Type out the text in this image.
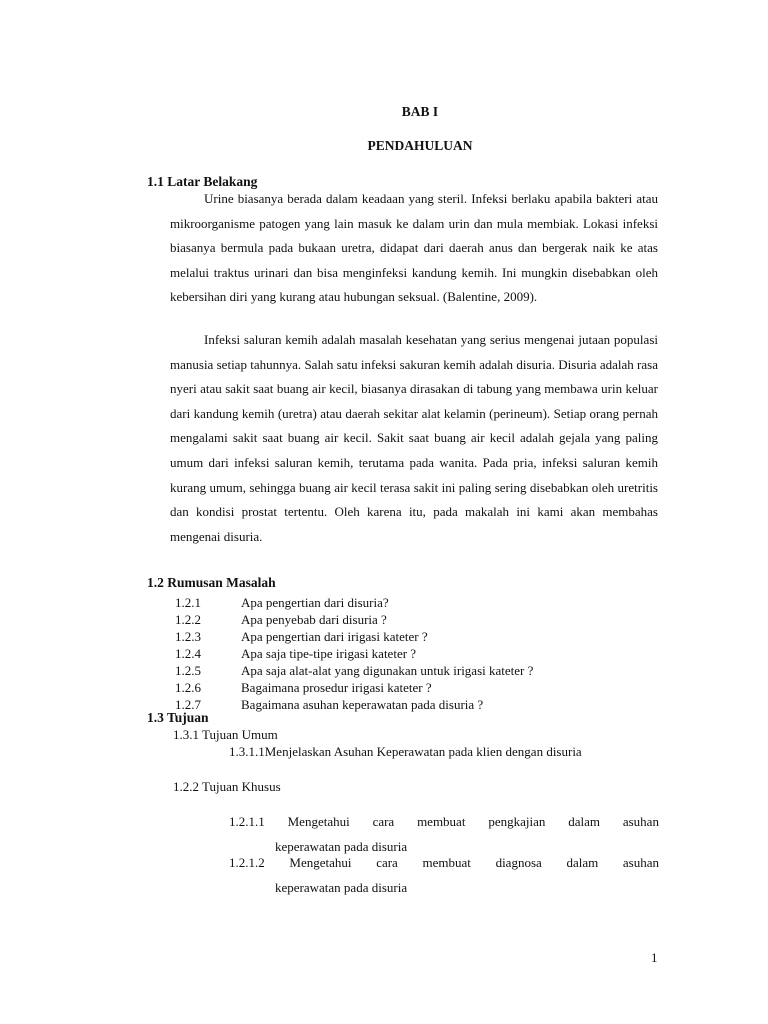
BAB I
PENDAHULUAN
1.1 Latar Belakang

Urine biasanya berada dalam keadaan yang steril. Infeksi berlaku apabila bakteri atau mikroorganisme patogen yang lain masuk ke dalam urin dan mula membiak. Lokasi infeksi biasanya bermula pada bukaan uretra, didapat dari daerah anus dan bergerak naik ke atas melalui traktus urinari dan bisa menginfeksi kandung kemih. Ini mungkin disebabkan oleh kebersihan diri yang kurang atau hubungan seksual. (Balentine, 2009).

Infeksi saluran kemih adalah masalah kesehatan yang serius mengenai jutaan populasi manusia setiap tahunnya. Salah satu infeksi sakuran kemih adalah disuria. Disuria adalah rasa nyeri atau sakit saat buang air kecil, biasanya dirasakan di tabung yang membawa urin keluar dari kandung kemih (uretra) atau daerah sekitar alat kelamin (perineum). Setiap orang pernah mengalami sakit saat buang air kecil. Sakit saat buang air kecil adalah gejala yang paling umum dari infeksi saluran kemih, terutama pada wanita. Pada pria, infeksi saluran kemih kurang umum, sehingga buang air kecil terasa sakit ini paling sering disebabkan oleh uretritis dan kondisi prostat tertentu. Oleh karena itu, pada makalah ini kami akan membahas mengenai disuria.

1.2 Rumusan Masalah
1.2.1	Apa pengertian dari disuria?
1.2.2	Apa penyebab dari disuria ?
1.2.3	Apa pengertian dari irigasi kateter ?
1.2.4	Apa saja tipe-tipe irigasi kateter ?
1.2.5	Apa saja alat-alat yang digunakan untuk irigasi kateter ?
1.2.6	Bagaimana prosedur irigasi kateter ?
1.2.7	Bagaimana asuhan keperawatan pada disuria ?
1.3 Tujuan
1.3.1 Tujuan Umum
1.3.1.1Menjelaskan Asuhan Keperawatan pada klien dengan disuria
1.2.2 Tujuan Khusus
1.2.1.1 Mengetahui cara membuat pengkajian dalam asuhan
keperawatan pada disuria
1.2.1.2 Mengetahui cara membuat diagnosa dalam asuhan
keperawatan pada disuria
1
